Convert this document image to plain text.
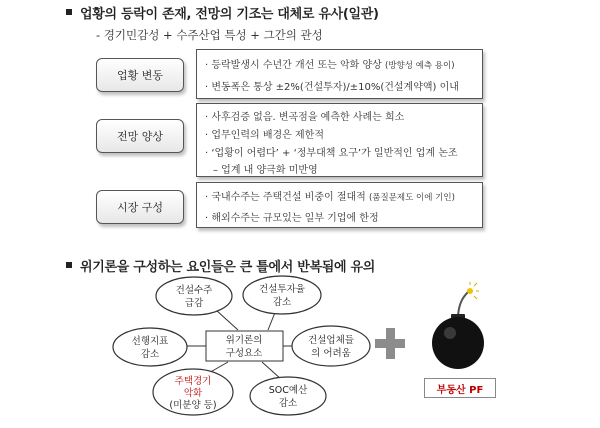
업황의 등락이 존재, 전망의 기조는 대체로 유사(일관)
- 경기민감성 + 수주산업 특성 + 그간의 관성
업황 변동
· 등락발생시 수년간 개선 또는 악화 양상 (방향성 예측 용이)
· 변동폭은 통상 ±2%(건설투자)/±10%(건설계약액) 이내
전망 양상
· 사후검증 없음. 변곡점을 예측한 사례는 희소
· 업무인력의 배경은 제한적
· ‘업황이 어렵다’ + ‘정부대책 요구’가 일반적인 업계 논조
– 업계 내 양극화 미반영
시장 구성
· 국내수주는 주택건설 비중이 절대적 (품질문제도 이에 기인)
· 해외수주는 규모있는 일부 기업에 한정
위기론을 구성하는 요인들은 큰 틀에서 반복됨에 유의
위기론의
구성요소
건설수주
급감
건설투자율
감소
선행지표
감소
건설업체들
의 어려움
주택경기
악화
(미분양 등)
SOC예산
감소
부동산 PF
